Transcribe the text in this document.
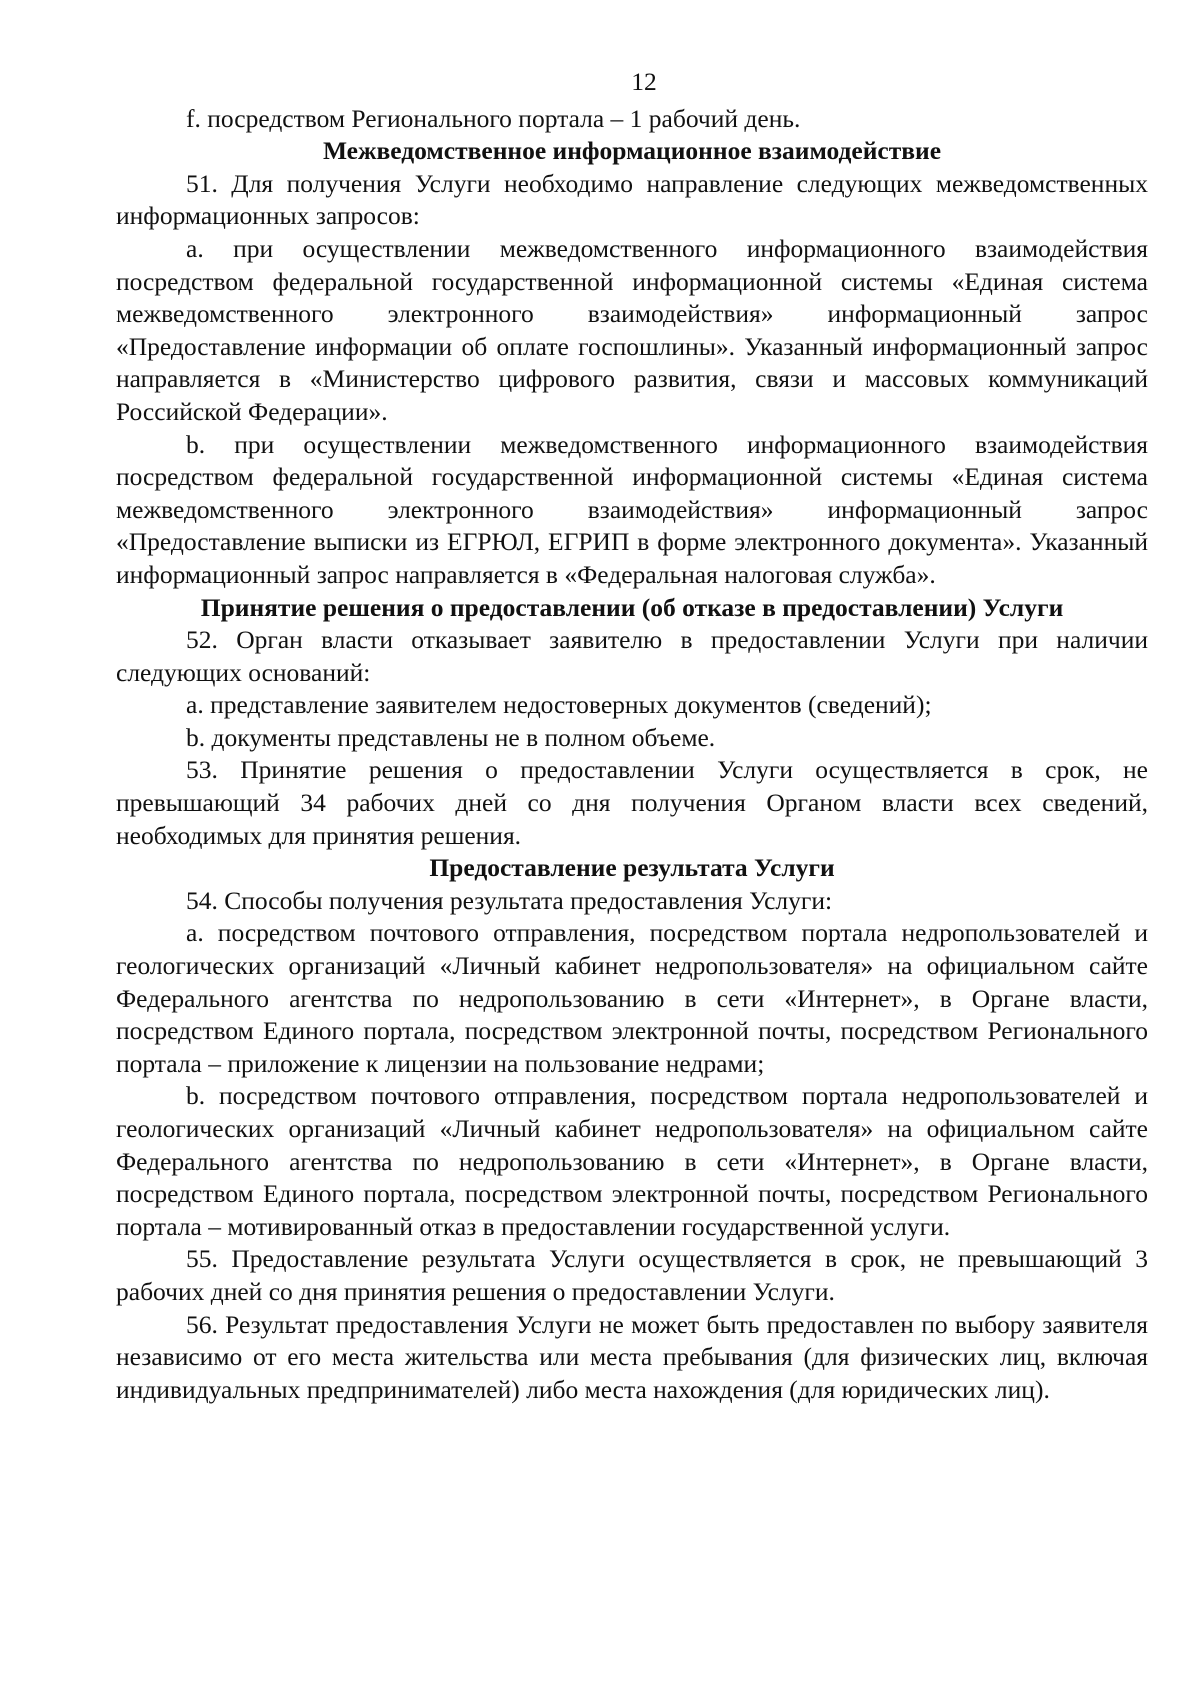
12

f. посредством Регионального портала – 1 рабочий день.

Межведомственное информационное взаимодействие

51. Для получения Услуги необходимо направление следующих межведомственных информационных запросов:

a. при осуществлении межведомственного информационного взаимодействия посредством федеральной государственной информационной системы «Единая система межведомственного электронного взаимодействия» информационный запрос «Предоставление информации об оплате госпошлины». Указанный информационный запрос направляется в «Министерство цифрового развития, связи и массовых коммуникаций Российской Федерации».

b. при осуществлении межведомственного информационного взаимодействия посредством федеральной государственной информационной системы «Единая система межведомственного электронного взаимодействия» информационный запрос «Предоставление выписки из ЕГРЮЛ, ЕГРИП в форме электронного документа». Указанный информационный запрос направляется в «Федеральная налоговая служба».

Принятие решения о предоставлении (об отказе в предоставлении) Услуги

52. Орган власти отказывает заявителю в предоставлении Услуги при наличии следующих оснований:

a. представление заявителем недостоверных документов (сведений);

b. документы представлены не в полном объеме.

53. Принятие решения о предоставлении Услуги осуществляется в срок, не превышающий 34 рабочих дней со дня получения Органом власти всех сведений, необходимых для принятия решения.

Предоставление результата Услуги

54. Способы получения результата предоставления Услуги:

a. посредством почтового отправления, посредством портала недропользователей и геологических организаций «Личный кабинет недропользователя» на официальном сайте Федерального агентства по недропользованию в сети «Интернет», в Органе власти, посредством Единого портала, посредством электронной почты, посредством Регионального портала – приложение к лицензии на пользование недрами;

b. посредством почтового отправления, посредством портала недропользователей и геологических организаций «Личный кабинет недропользователя» на официальном сайте Федерального агентства по недропользованию в сети «Интернет», в Органе власти, посредством Единого портала, посредством электронной почты, посредством Регионального портала – мотивированный отказ в предоставлении государственной услуги.

55. Предоставление результата Услуги осуществляется в срок, не превышающий 3 рабочих дней со дня принятия решения о предоставлении Услуги.

56. Результат предоставления Услуги не может быть предоставлен по выбору заявителя независимо от его места жительства или места пребывания (для физических лиц, включая индивидуальных предпринимателей) либо места нахождения (для юридических лиц).
